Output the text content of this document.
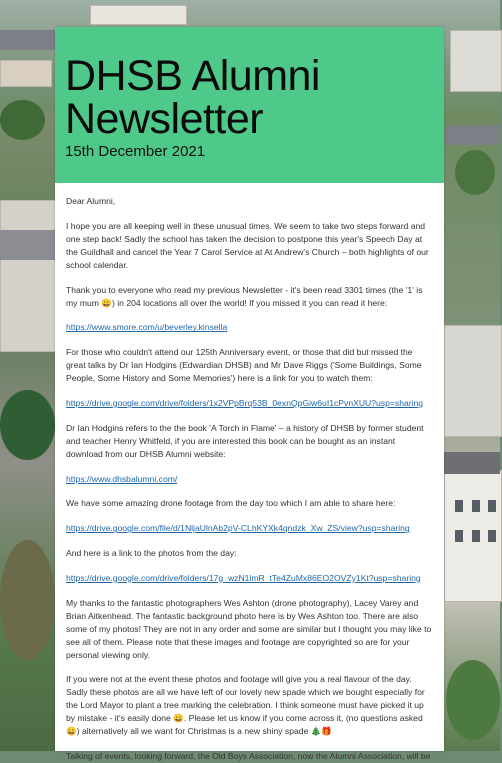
DHSB Alumni Newsletter
15th December 2021

Dear Alumni,

I hope you are all keeping well in these unusual times. We seem to take two steps forward and one step back! Sadly the school has taken the decision to postpone this year's Speech Day at the Guildhall and cancel the Year 7 Carol Service at At Andrew's Church – both highlights of our school calendar.

Thank you to everyone who read my previous Newsletter - it's been read 3301 times (the '1' is my mum 😀) in 204 locations all over the world! If you missed it you can read it here:

https://www.smore.com/u/beverley.kinsella

For those who couldn't attend our 125th Anniversary event, or those that did but missed the great talks by Dr Ian Hodgins (Edwardian DHSB) and Mr Dave Riggs ('Some Buildings, Some People, Some History and Some Memories') here is a link for you to watch them:

https://drive.google.com/drive/folders/1x2VPpBrq53B_0exnQpGiw6uI1cPvnXUU?usp=sharing

Dr Ian Hodgins refers to the the book 'A Torch in Flame' – a history of DHSB by former student and teacher Henry Whitfeld, if you are interested this book can be bought as an instant download from our DHSB Alumni website:

https://www.dhsbalumni.com/

We have some amazing drone footage from the day too which I am able to share here:

https://drive.google.com/file/d/1NljaUlnAb2pV-CLhKYXk4qndzk_Xw_ZS/view?usp=sharing

And here is a link to the photos from the day:

https://drive.google.com/drive/folders/17g_wzN1lmR_tTe4ZuMx86EO2OVZy1Kt?usp=sharing

My thanks to the fantastic photographers Wes Ashton (drone photography), Lacey Varey and Brian Aitkenhead. The fantastic background photo here is by Wes Ashton too. There are also some of my photos! They are not in any order and some are similar but I thought you may like to see all of them. Please note that these images and footage are copyrighted so are for your personal viewing only.

If you were not at the event these photos and footage will give you a real flavour of the day. Sadly these photos are all we have left of our lovely new spade which we bought especially for the Lord Mayor to plant a tree marking the celebration. I think someone must have picked it up by mistake - it's easily done 😀. Please let us know if you come across it, (no questions asked😀) alternatively all we want for Christmas is a new shiny spade 🎄🎁

Talking of events, looking forward, the Old Boys Association, now the Alumni Association, will be
